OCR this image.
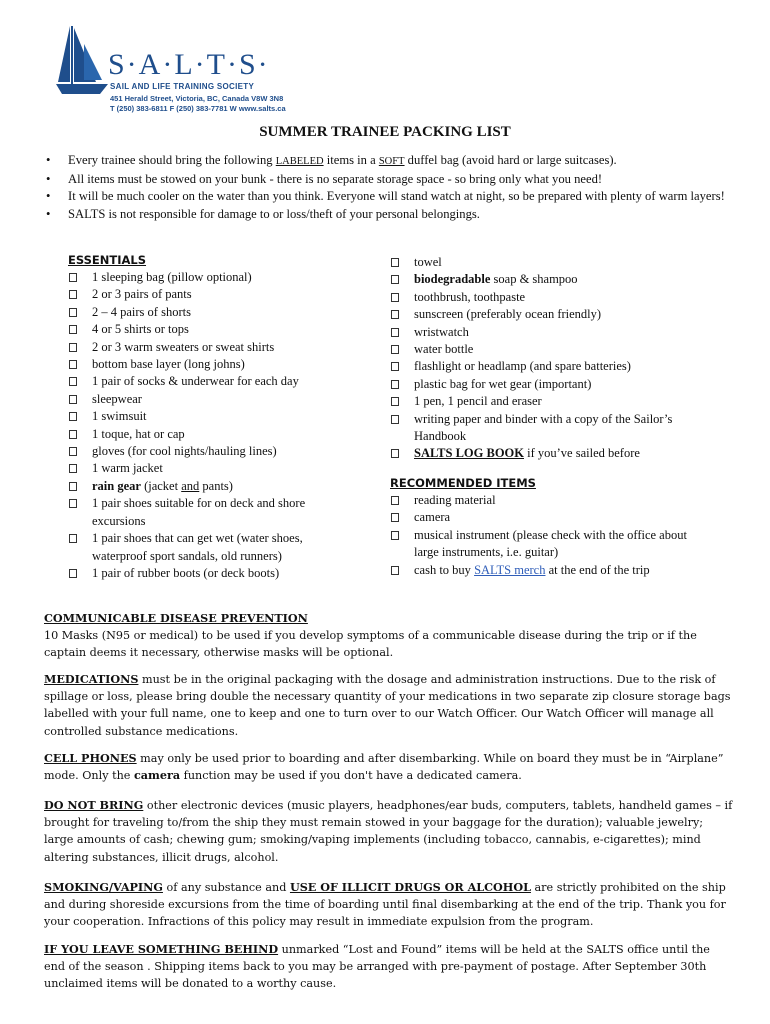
S·A·L·T·S·
SAIL AND LIFE TRAINING SOCIETY
451 Herald Street, Victoria, BC, Canada V8W 3N8
T (250) 383-6811 F (250) 383-7781 W www.salts.ca
SUMMER TRAINEE PACKING LIST
• Every trainee should bring the following LABELED items in a SOFT duffel bag (avoid hard or large suitcases).
• All items must be stowed on your bunk - there is no separate storage space - so bring only what you need!
• It will be much cooler on the water than you think. Everyone will stand watch at night, so be prepared with plenty of warm layers!
• SALTS is not responsible for damage to or loss/theft of your personal belongings.
ESSENTIALS
1 sleeping bag (pillow optional)
2 or 3 pairs of pants
2 – 4 pairs of shorts
4 or 5 shirts or tops
2 or 3 warm sweaters or sweat shirts
bottom base layer (long johns)
1 pair of socks & underwear for each day
sleepwear
1 swimsuit
1 toque, hat or cap
gloves (for cool nights/hauling lines)
1 warm jacket
rain gear (jacket and pants)
1 pair shoes suitable for on deck and shore excursions
1 pair shoes that can get wet (water shoes, waterproof sport sandals, old runners)
1 pair of rubber boots (or deck boots)
towel
biodegradable soap & shampoo
toothbrush, toothpaste
sunscreen (preferably ocean friendly)
wristwatch
water bottle
flashlight or headlamp (and spare batteries)
plastic bag for wet gear (important)
1 pen, 1 pencil and eraser
writing paper and binder with a copy of the Sailor’s Handbook
SALTS LOG BOOK if you’ve sailed before
RECOMMENDED ITEMS
reading material
camera
musical instrument (please check with the office about large instruments, i.e. guitar)
cash to buy SALTS merch at the end of the trip

COMMUNICABLE DISEASE PREVENTION
10 Masks (N95 or medical) to be used if you develop symptoms of a communicable disease during the trip or if the captain deems it necessary, otherwise masks will be optional.

MEDICATIONS must be in the original packaging with the dosage and administration instructions. Due to the risk of spillage or loss, please bring double the necessary quantity of your medications in two separate zip closure storage bags labelled with your full name, one to keep and one to turn over to our Watch Officer. Our Watch Officer will manage all controlled substance medications.

CELL PHONES may only be used prior to boarding and after disembarking. While on board they must be in “Airplane” mode. Only the camera function may be used if you don't have a dedicated camera.

DO NOT BRING other electronic devices (music players, headphones/ear buds, computers, tablets, handheld games – if brought for traveling to/from the ship they must remain stowed in your baggage for the duration); valuable jewelry; large amounts of cash; chewing gum; smoking/vaping implements (including tobacco, cannabis, e-cigarettes); mind altering substances, illicit drugs, alcohol.

SMOKING/VAPING of any substance and USE OF ILLICIT DRUGS OR ALCOHOL are strictly prohibited on the ship and during shoreside excursions from the time of boarding until final disembarking at the end of the trip. Thank you for your cooperation. Infractions of this policy may result in immediate expulsion from the program.

IF YOU LEAVE SOMETHING BEHIND unmarked “Lost and Found” items will be held at the SALTS office until the end of the season . Shipping items back to you may be arranged with pre-payment of postage. After September 30th unclaimed items will be donated to a worthy cause.
